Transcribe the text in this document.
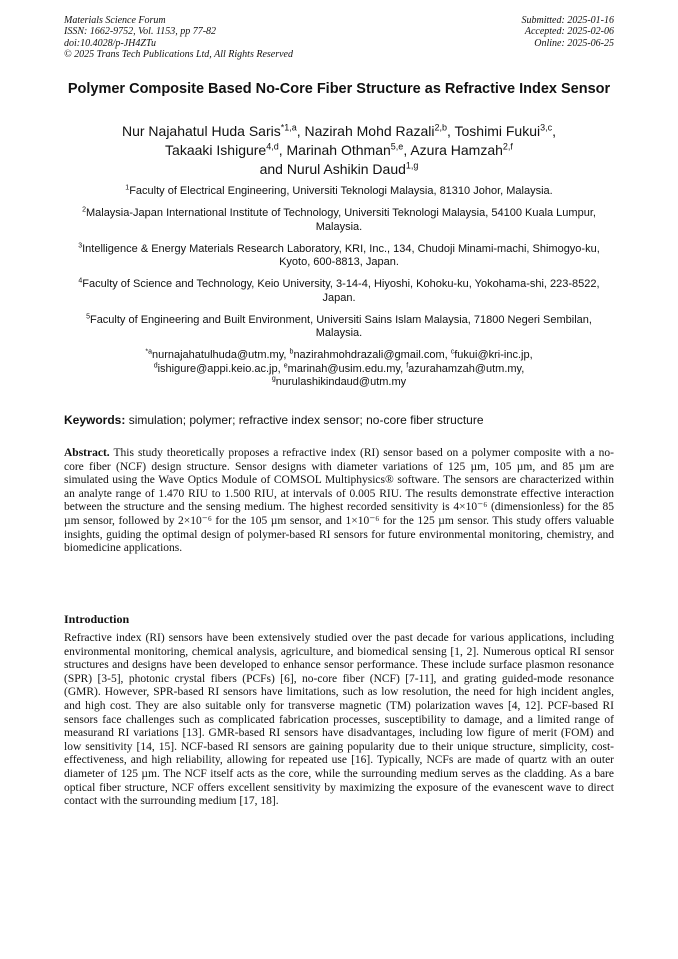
Materials Science Forum
ISSN: 1662-9752, Vol. 1153, pp 77-82
doi:10.4028/p-JH4ZTu
© 2025 Trans Tech Publications Ltd, All Rights Reserved
Submitted: 2025-01-16
Accepted: 2025-02-06
Online: 2025-06-25
Polymer Composite Based No-Core Fiber Structure as Refractive Index Sensor
Nur Najahatul Huda Saris$^{*1,a}$, Nazirah Mohd Razali$^{2,b}$, Toshimi Fukui$^{3,c}$,
Takaaki Ishigure$^{4,d}$, Marinah Othman$^{5,e}$, Azura Hamzah$^{2,f}$
and Nurul Ashikin Daud$^{1,g}$

$^1$Faculty of Electrical Engineering, Universiti Teknologi Malaysia, 81310 Johor, Malaysia.

$^2$Malaysia-Japan International Institute of Technology, Universiti Teknologi Malaysia, 54100 Kuala Lumpur, Malaysia.

$^3$Intelligence & Energy Materials Research Laboratory, KRI, Inc., 134, Chudoji Minami-machi, Shimogyo-ku, Kyoto, 600-8813, Japan.

$^4$Faculty of Science and Technology, Keio University, 3-14-4, Hiyoshi, Kohoku-ku, Yokohama-shi, 223-8522, Japan.

$^5$Faculty of Engineering and Built Environment, Universiti Sains Islam Malaysia, 71800 Negeri Sembilan, Malaysia.

$^{*a}$nurnajahatulhuda@utm.my, $^b$nazirahmohdrazali@gmail.com, $^c$fukui@kri-inc.jp,
$^d$ishigure@appi.keio.ac.jp, $^e$marinah@usim.edu.my, $^f$azurahamzah@utm.my,
$^g$nurulashikindaud@utm.my

Keywords: simulation; polymer; refractive index sensor; no-core fiber structure
Abstract. This study theoretically proposes a refractive index (RI) sensor based on a polymer composite with a no-core fiber (NCF) design structure. Sensor designs with diameter variations of 125 µm, 105 µm, and 85 µm are simulated using the Wave Optics Module of COMSOL Multiphysics® software. The sensors are characterized within an analyte range of 1.470 RIU to 1.500 RIU, at intervals of 0.005 RIU. The results demonstrate effective interaction between the structure and the sensing medium. The highest recorded sensitivity is 4×10⁻⁶ (dimensionless) for the 85 µm sensor, followed by 2×10⁻⁶ for the 105 µm sensor, and 1×10⁻⁶ for the 125 µm sensor. This study offers valuable insights, guiding the optimal design of polymer-based RI sensors for future environmental monitoring, chemistry, and biomedicine applications.
Introduction
Refractive index (RI) sensors have been extensively studied over the past decade for various applications, including environmental monitoring, chemical analysis, agriculture, and biomedical sensing [1, 2]. Numerous optical RI sensor structures and designs have been developed to enhance sensor performance. These include surface plasmon resonance (SPR) [3-5], photonic crystal fibers (PCFs) [6], no-core fiber (NCF) [7-11], and grating guided-mode resonance (GMR). However, SPR-based RI sensors have limitations, such as low resolution, the need for high incident angles, and high cost. They are also suitable only for transverse magnetic (TM) polarization waves [4, 12]. PCF-based RI sensors face challenges such as complicated fabrication processes, susceptibility to damage, and a limited range of measurand RI variations [13]. GMR-based RI sensors have disadvantages, including low figure of merit (FOM) and low sensitivity [14, 15]. NCF-based RI sensors are gaining popularity due to their unique structure, simplicity, cost-effectiveness, and high reliability, allowing for repeated use [16]. Typically, NCFs are made of quartz with an outer diameter of 125 µm. The NCF itself acts as the core, while the surrounding medium serves as the cladding. As a bare optical fiber structure, NCF offers excellent sensitivity by maximizing the exposure of the evanescent wave to direct contact with the surrounding medium [17, 18].
